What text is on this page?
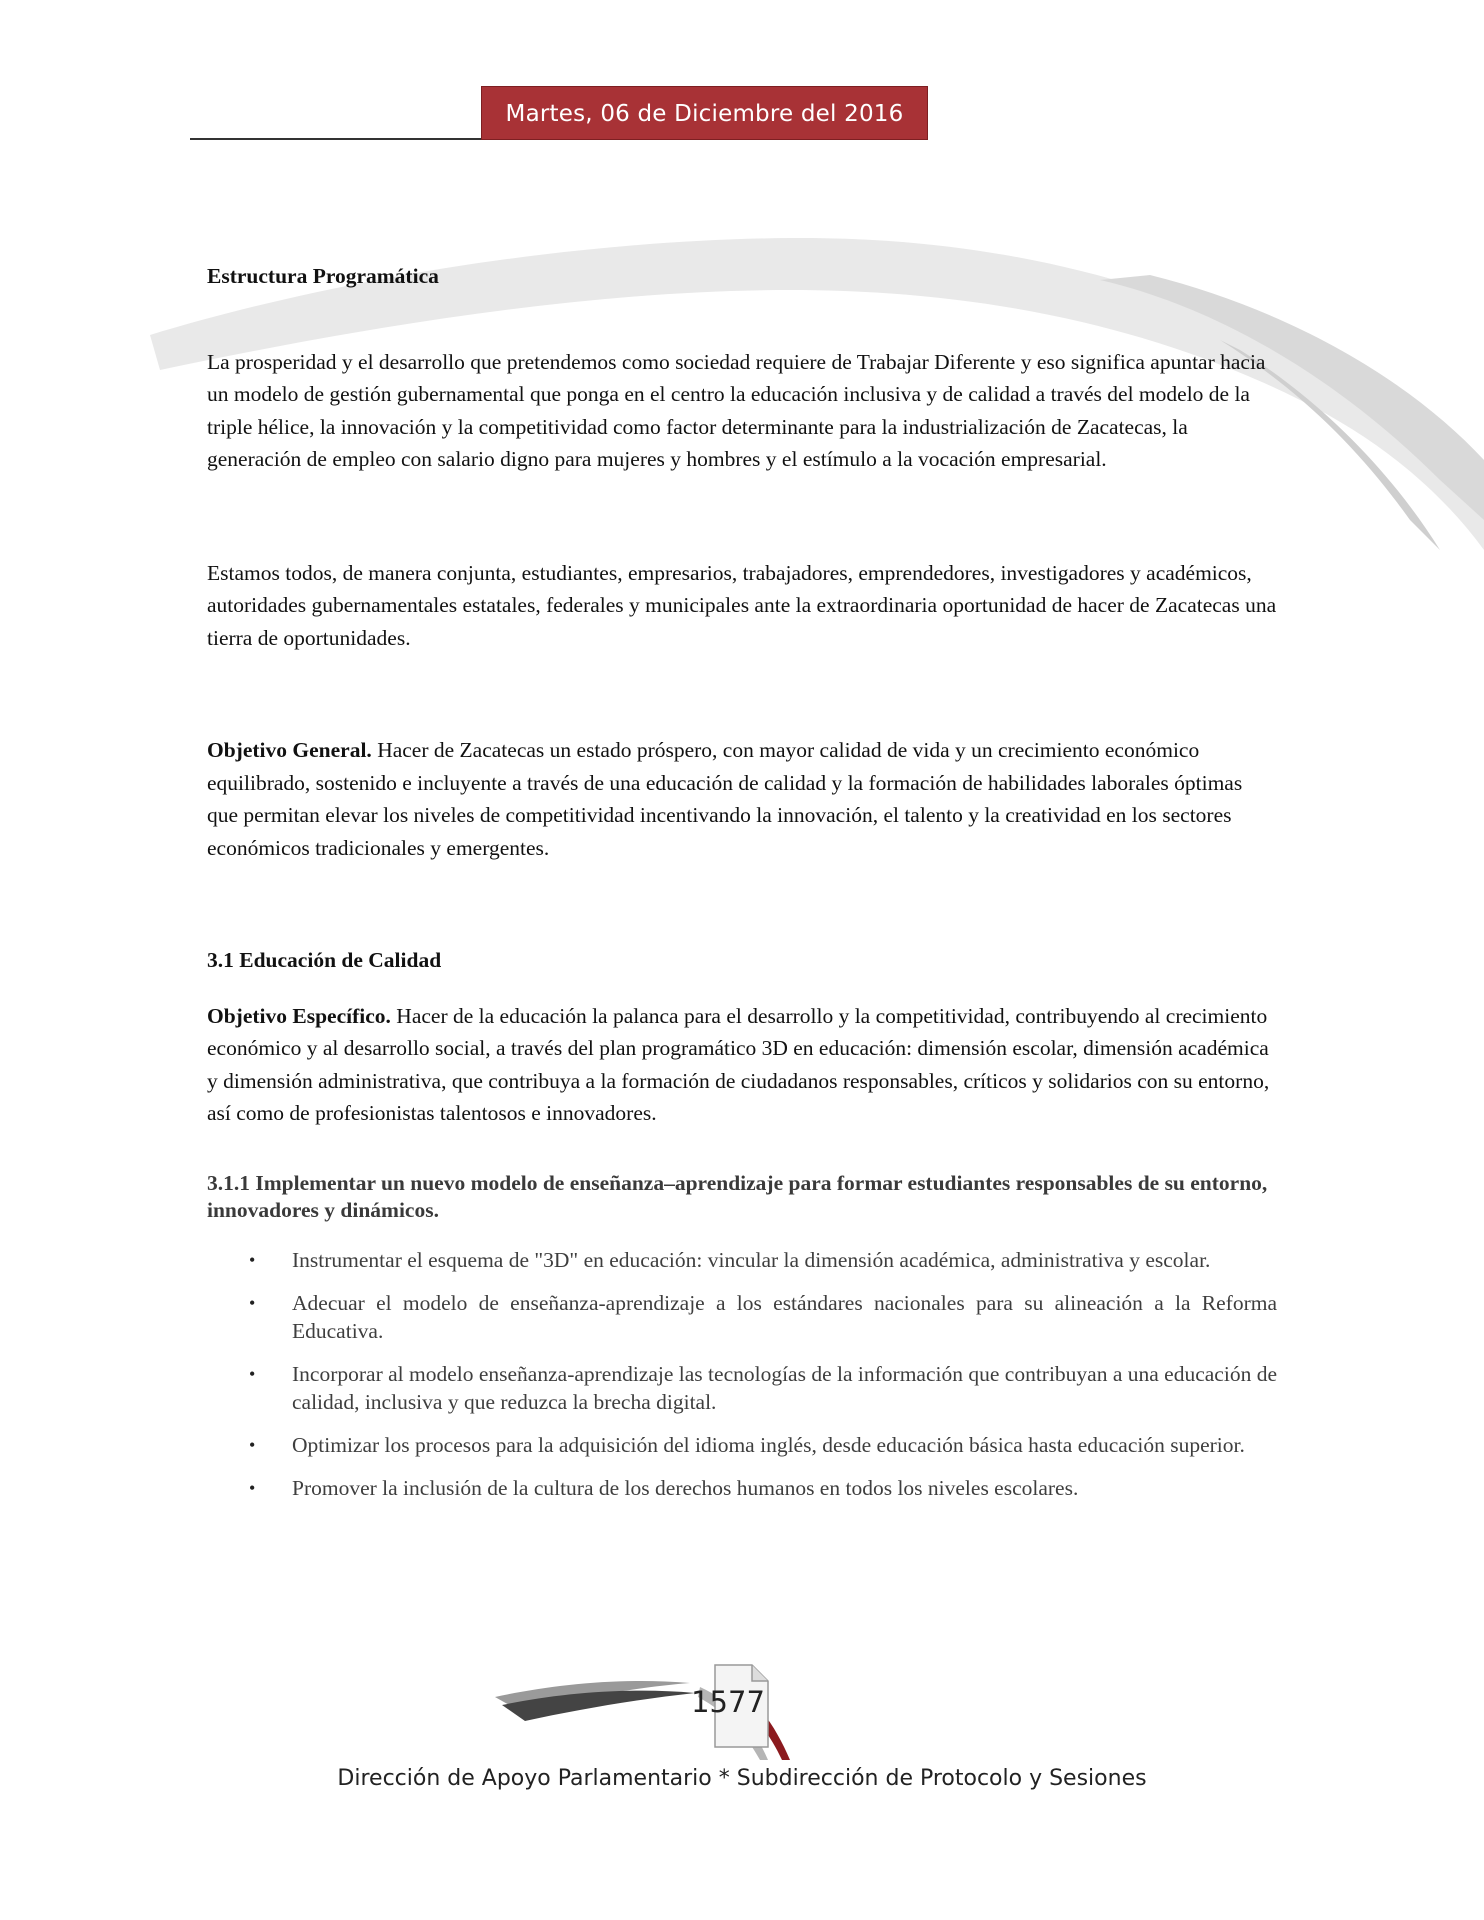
Martes, 06 de Diciembre del 2016

Estructura Programática

La prosperidad y el desarrollo que pretendemos como sociedad requiere de Trabajar Diferente y eso significa apuntar hacia un modelo de gestión gubernamental que ponga en el centro la educación inclusiva y de calidad a través del modelo de la triple hélice, la innovación y la competitividad como factor determinante para la industrialización de Zacatecas, la generación de empleo con salario digno para mujeres y hombres y el estímulo a la vocación empresarial.

Estamos todos, de manera conjunta, estudiantes, empresarios, trabajadores, emprendedores, investigadores y académicos, autoridades gubernamentales estatales, federales y municipales ante la extraordinaria oportunidad de hacer de Zacatecas una tierra de oportunidades.

Objetivo General. Hacer de Zacatecas un estado próspero, con mayor calidad de vida y un crecimiento económico equilibrado, sostenido e incluyente a través de una educación de calidad y la formación de habilidades laborales óptimas que permitan elevar los niveles de competitividad incentivando la innovación, el talento y la creatividad en los sectores económicos tradicionales y emergentes.

3.1 Educación de Calidad

Objetivo Específico. Hacer de la educación la palanca para el desarrollo y la competitividad, contribuyendo al crecimiento económico y al desarrollo social, a través del plan programático 3D en educación: dimensión escolar, dimensión académica y dimensión administrativa, que contribuya a la formación de ciudadanos responsables, críticos y solidarios con su entorno, así como de profesionistas talentosos e innovadores.

3.1.1 Implementar un nuevo modelo de enseñanza–aprendizaje para formar estudiantes responsables de su entorno, innovadores y dinámicos.

• Instrumentar el esquema de "3D" en educación: vincular la dimensión académica, administrativa y escolar.
• Adecuar el modelo de enseñanza-aprendizaje a los estándares nacionales para su alineación a la Reforma Educativa.
• Incorporar al modelo enseñanza-aprendizaje las tecnologías de la información que contribuyan a una educación de calidad, inclusiva y que reduzca la brecha digital.
• Optimizar los procesos para la adquisición del idioma inglés, desde educación básica hasta educación superior.
• Promover la inclusión de la cultura de los derechos humanos en todos los niveles escolares.
1577
Dirección de Apoyo Parlamentario * Subdirección de Protocolo y Sesiones
